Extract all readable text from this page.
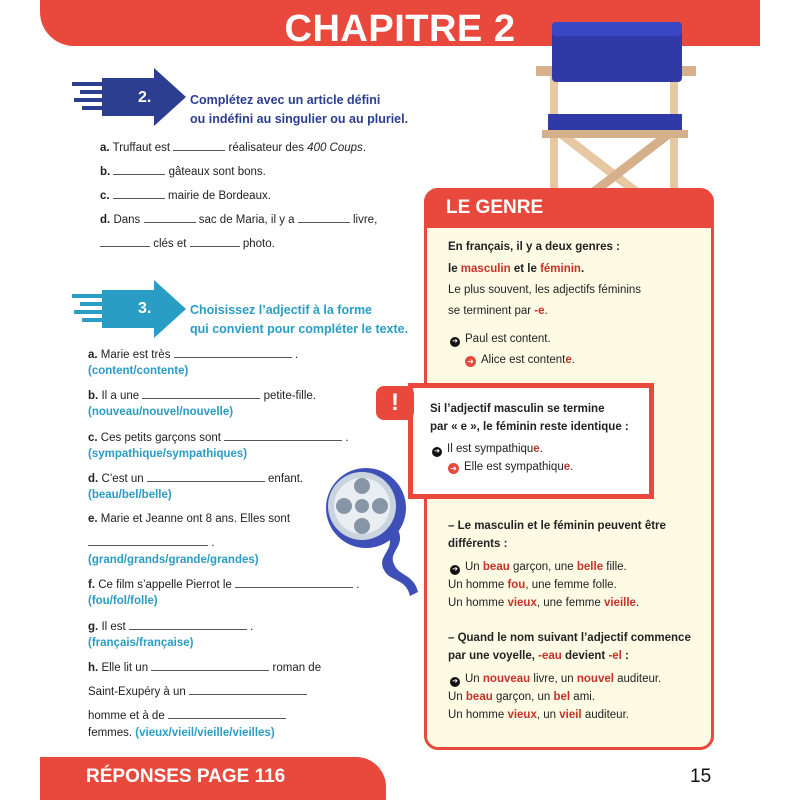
CHAPITRE 2
2.	Complétez avec un article défini
ou indéfini au singulier ou au pluriel.
a. Truffaut est	réalisateur des 400 Coups.
b.	gâteaux sont bons.
c.	mairie de Bordeaux.
d. Dans	sac de Maria, il y a	livre,
clés et	photo.
3.	Choisissez l’adjectif à la forme
qui convient pour compléter le texte.
a. Marie est très	.
(content/contente)
b. Il a une	petite-fille.
(nouveau/nouvel/nouvelle)
c. Ces petits garçons sont	.
(sympathique/sympathiques)
d. C’est un	enfant.
(beau/bel/belle)
e. Marie et Jeanne ont 8 ans. Elles sont
.
(grand/grands/grande/grandes)
f. Ce film s’appelle Pierrot le	.
(fou/fol/folle)
g. Il est	.
(français/française)
h. Elle lit un	roman de
Saint-Exupéry à un
homme et à de
femmes. (vieux/vieil/vieille/vieilles)
LE GENRE
En français, il y a deux genres :
le masculin et le féminin.
Le plus souvent, les adjectifs féminins
se terminent par -e.
➜ Paul est content.
➜ Alice est contente.
!	Si l’adjectif masculin se termine
par « e », le féminin reste identique :
➜ Il est sympathique.
➜ Elle est sympathique.
– Le masculin et le féminin peuvent être
différents :
➜ Un beau garçon, une belle fille.
Un homme fou, une femme folle.
Un homme vieux, une femme vieille.
– Quand le nom suivant l’adjectif commence
par une voyelle, -eau devient -el :
➜ Un nouveau livre, un nouvel auditeur.
Un beau garçon, un bel ami.
Un homme vieux, un vieil auditeur.
RÉPONSES PAGE 116	15
